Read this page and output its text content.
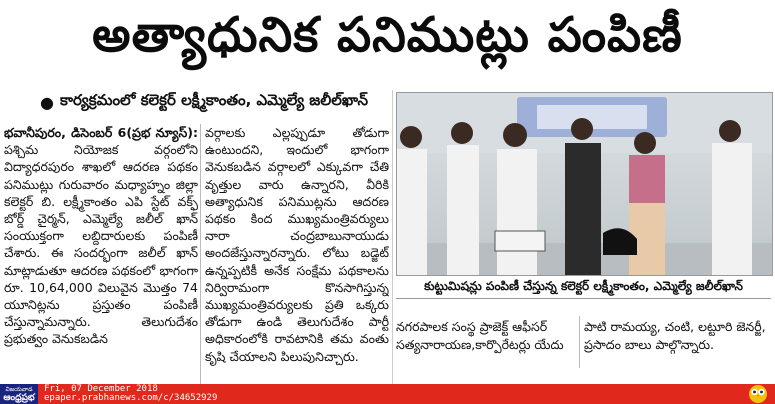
అత్యాధునిక పనిముట్లు పంపిణీ
● కార్యక్రమంలో కలెక్టర్ లక్ష్మీకాంతం, ఎమ్మెల్యే జలీల్‌ఖాన్

భవానీపురం, డిసెంబర్ 6(ప్రభ న్యూస్): పశ్చిమ నియోజక వర్గంలోని విద్యాధరపురం శాఖలో ఆదరణ పథకం పనిముట్లు గురువారం మధ్యాహ్నం జిల్లా కలెక్టర్ బి. లక్ష్మీకాంతం ఎపి స్టేట్ వక్ఫ్ బోర్డ్ చైర్మన్, ఎమ్మెల్యే జలీల్ ఖాన్ సంయుక్తంగా లబ్దిదారులకు పంపిణీ చేశారు. ఈ సందర్భంగా జలీల్ ఖాన్ మాట్లాడుతూ ఆదరణ పథకంలో భాగంగా రూ. 10,64,000 విలువైన మొత్తం 74 యూనిట్లను ప్రస్తుతం పంపిణీ చేస్తున్నామన్నారు. తెలుగుదేశం ప్రభుత్వం వెనుకబడిన

వర్గాలకు ఎల్లప్పుడూ తోడుగా ఉంటుందని, ఇందులో భాగంగా వెనుకబడిన వర్గాలలో ఎక్కువగా చేతి వృత్తుల వారు ఉన్నారని, వీరికి అత్యాధునిక పనిముట్లను ఆదరణ పథకం కింద ముఖ్యమంత్రివర్యులు నారా చంద్రబాబునాయుడు అందజేస్తున్నారన్నారు. లోటు బడ్జెట్ ఉన్నప్పటికీ అనేక సంక్షేమ పథకాలను నిర్విరామంగా కొనసాగిస్తున్న ముఖ్యమంత్రివర్యులకు ప్రతి ఒక్కరు తోడుగా ఉండి తెలుగుదేశం పార్టీ అధికారంలోకి రావటానికి తమ వంతు కృషి చేయాలని పిలుపునిచ్చారు.

కుట్టుమిషన్లు పంపిణీ చేస్తున్న కలెక్టర్ లక్ష్మీకాంతం, ఎమ్మెల్యే జలీల్‌ఖాన్
నగరపాలక సంస్థ ప్రాజెక్ట్ ఆఫీసర్ సత్యనారాయణ,కార్పొరేటర్లు యేదు
పాటి రామయ్య, చంటి, లట్టూరి జెనర్జీ, ప్రసాదం బాలు పాల్గొన్నారు.
విజయవాడ
ఆంధ్రప్రభ
Fri, 07 December 2018
epaper.prabhanews.com/c/34652929
